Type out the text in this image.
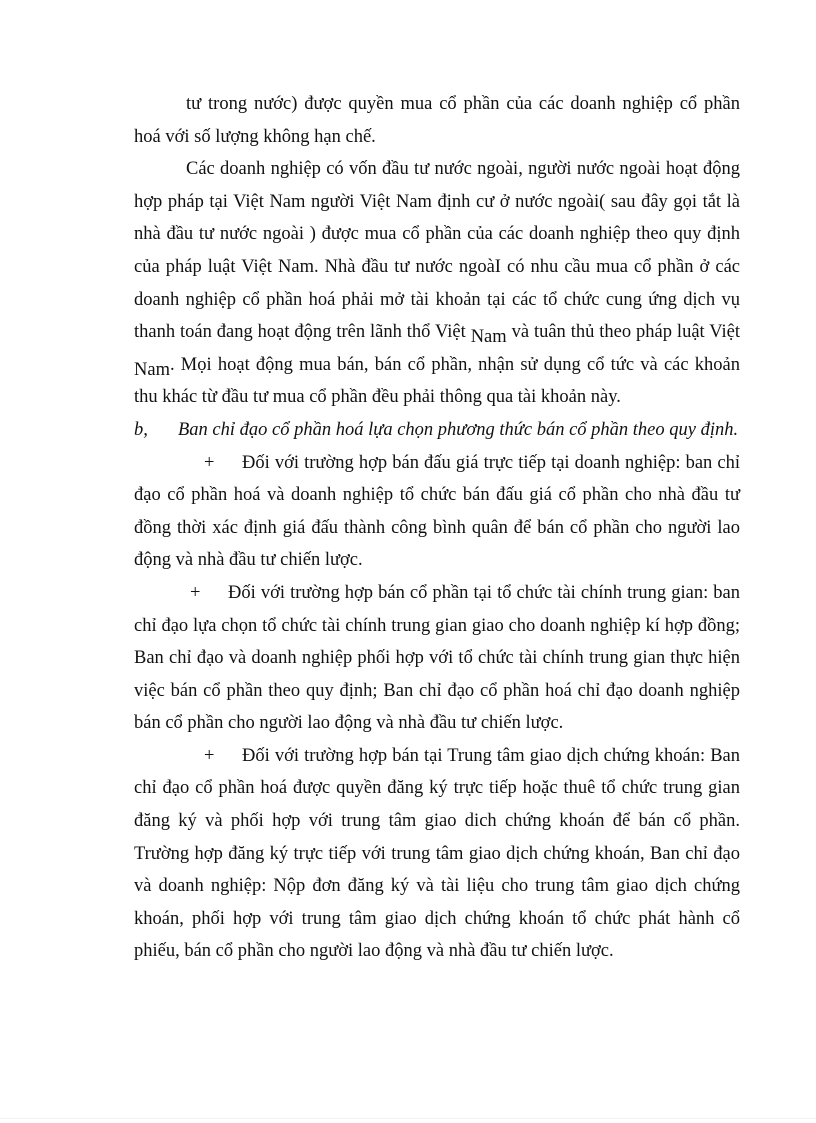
tư trong nước) được quyền mua cổ phần của các doanh nghiệp cổ phần hoá với số lượng không hạn chế.

Các doanh nghiệp có vốn đầu tư nước ngoài, người nước ngoài hoạt động hợp pháp tại Việt Nam người Việt Nam định cư ở nước ngoài( sau đây gọi tắt là nhà đầu tư nước ngoài ) được mua cổ phần của các doanh nghiệp theo quy định của pháp luật Việt Nam. Nhà đầu tư nước ngoàI có nhu cầu mua cổ phần ở các doanh nghiệp cổ phần hoá phải mở tài khoản tại các tổ chức cung ứng dịch vụ thanh toán đang hoạt động trên lãnh thổ Việt Nam và tuân thủ theo pháp luật Việt Nam. Mọi hoạt động mua bán, bán cổ phần, nhận sử dụng cổ tức và các khoản thu khác từ đầu tư mua cổ phần đều phải thông qua tài khoản này.

b, Ban chỉ đạo cổ phần hoá lựa chọn phương thức bán cổ phần theo quy định.

+ Đối với trường hợp bán đấu giá trực tiếp tại doanh nghiệp: ban chỉ đạo cổ phần hoá và doanh nghiệp tổ chức bán đấu giá cổ phần cho nhà đầu tư đồng thời xác định giá đấu thành công bình quân để bán cổ phần cho người lao động và nhà đầu tư chiến lược.

+ Đối với trường hợp bán cổ phần tại tổ chức tài chính trung gian: ban chỉ đạo lựa chọn tổ chức tài chính trung gian giao cho doanh nghiệp kí hợp đồng; Ban chỉ đạo và doanh nghiệp phối hợp với tổ chức tài chính trung gian thực hiện việc bán cổ phần theo quy định; Ban chỉ đạo cổ phần hoá chỉ đạo doanh nghiệp bán cổ phần cho người lao động và nhà đầu tư chiến lược.

+ Đối với trường hợp bán tại Trung tâm giao dịch chứng khoán: Ban chỉ đạo cổ phần hoá được quyền đăng ký trực tiếp hoặc thuê tổ chức trung gian đăng ký và phối hợp với trung tâm giao dich chứng khoán để bán cổ phần. Trường hợp đăng ký trực tiếp với trung tâm giao dịch chứng khoán, Ban chỉ đạo và doanh nghiệp: Nộp đơn đăng ký và tài liệu cho trung tâm giao dịch chứng khoán, phối hợp với trung tâm giao dịch chứng khoán tổ chức phát hành cổ phiếu, bán cổ phần cho người lao động và nhà đầu tư chiến lược.
